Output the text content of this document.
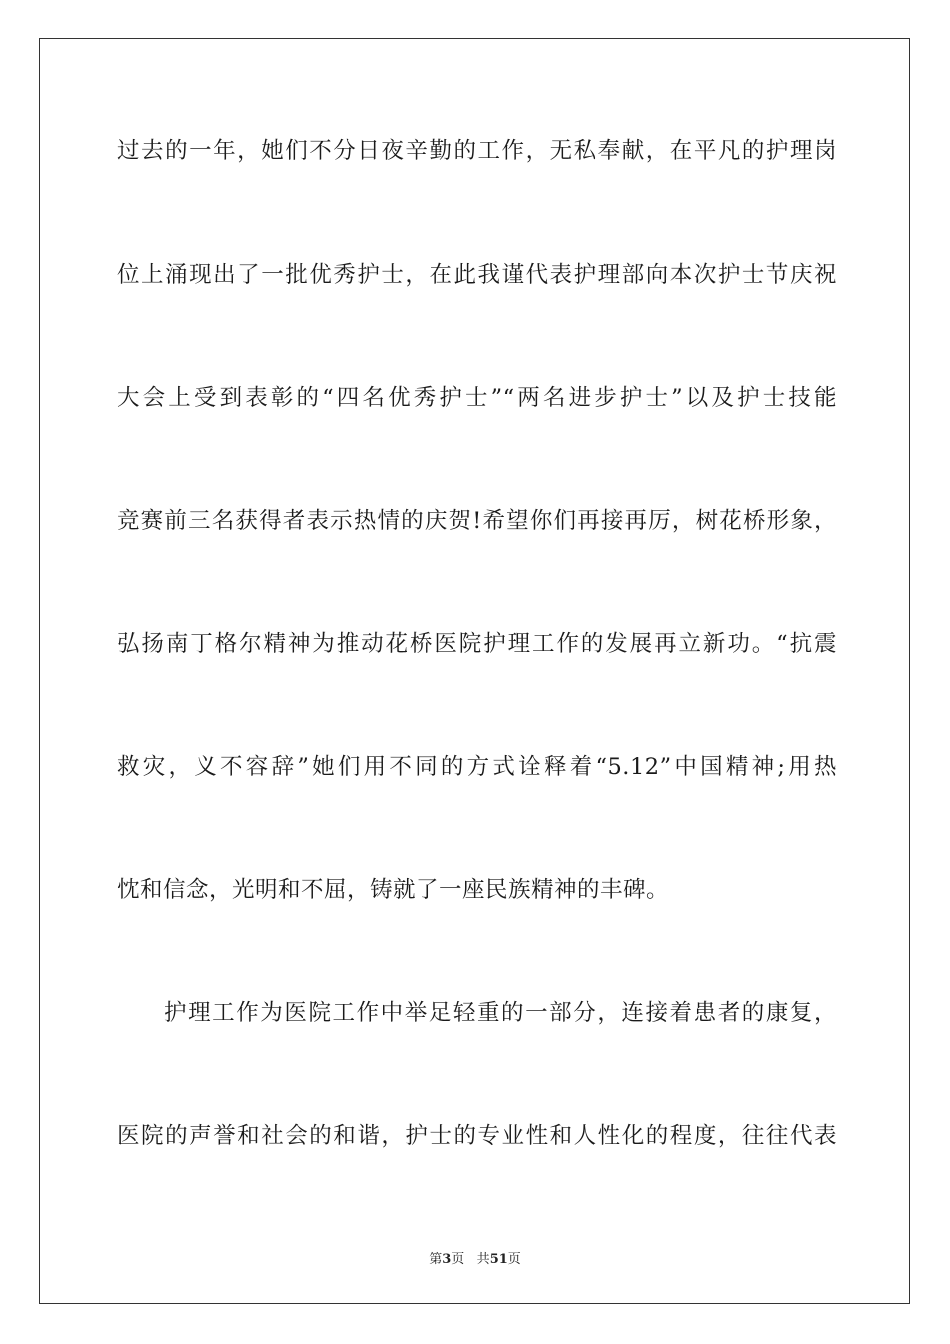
过去的一年，她们不分日夜辛勤的工作，无私奉献，在平凡的护理岗
位上涌现出了一批优秀护士，在此我谨代表护理部向本次护士节庆祝
大会上受到表彰的“四名优秀护士”“两名进步护士”以及护士技能
竞赛前三名获得者表示热情的庆贺!希望你们再接再厉，树花桥形象，
弘扬南丁格尔精神为推动花桥医院护理工作的发展再立新功。“抗震
救灾，义不容辞”她们用不同的方式诠释着“5.12”中国精神;用热
忱和信念，光明和不屈，铸就了一座民族精神的丰碑。
护理工作为医院工作中举足轻重的一部分，连接着患者的康复，
医院的声誉和社会的和谐，护士的专业性和人性化的程度，往往代表
第3页 共51页
